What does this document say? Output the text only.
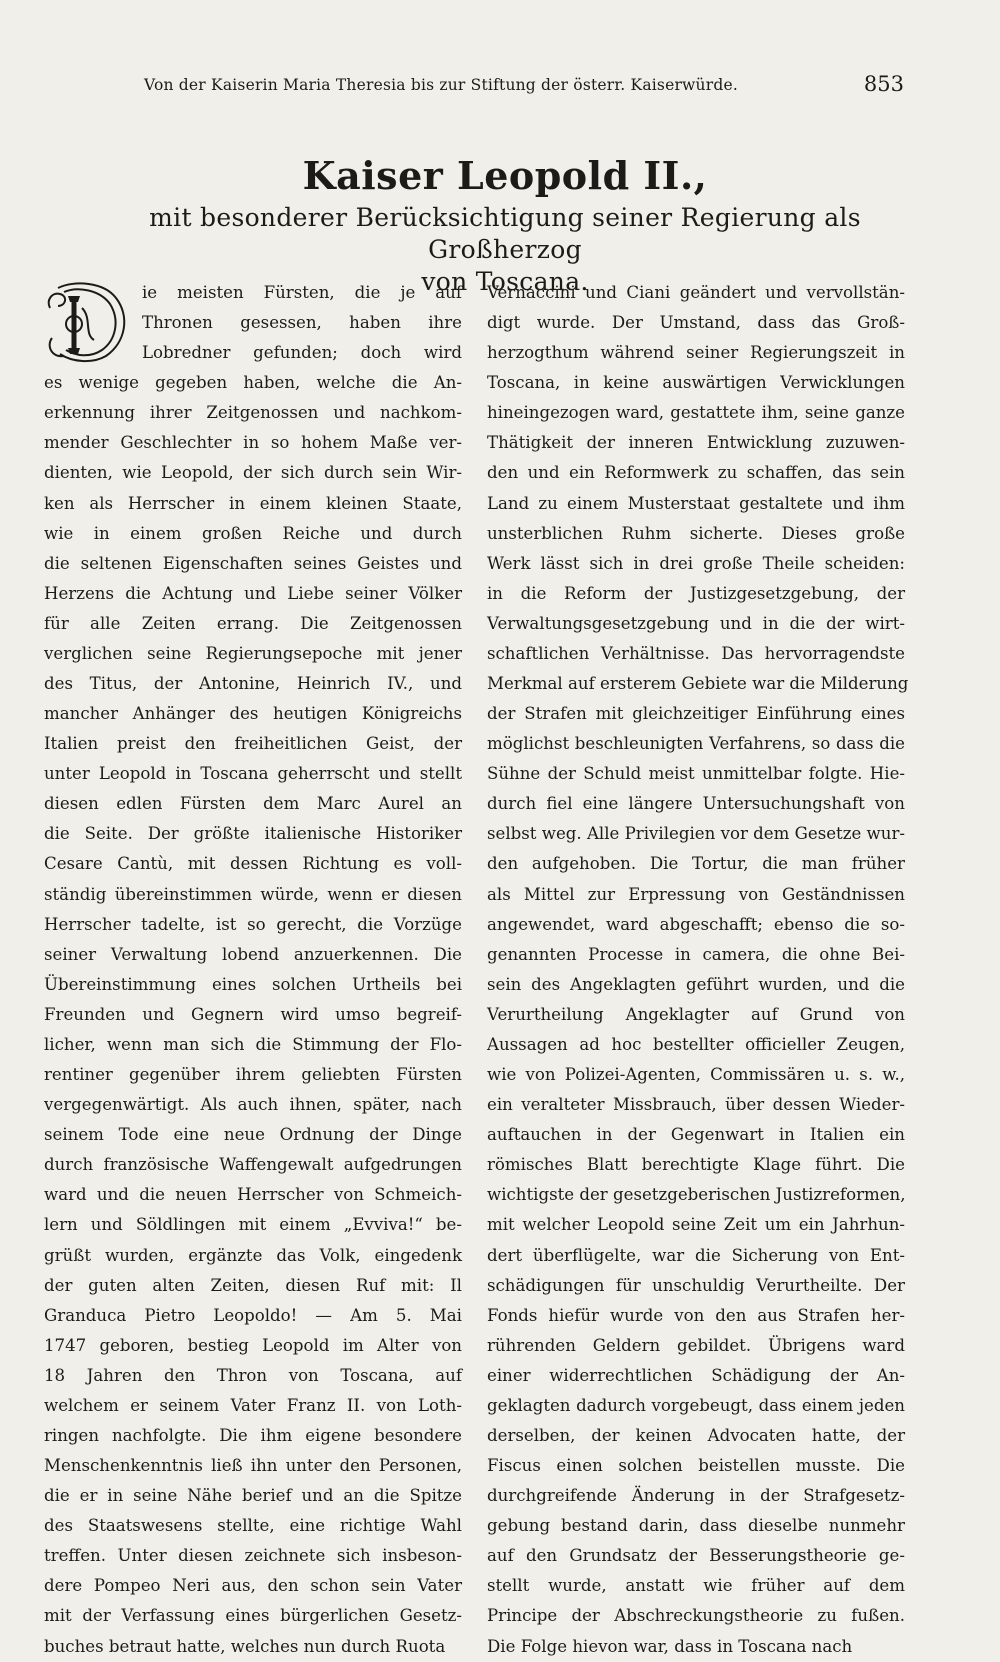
Von der Kaiserin Maria Theresia bis zur Stiftung der österr. Kaiserwürde.	853
Kaiser Leopold II.,

mit besonderer Berücksichtigung seiner Regierung als Großherzog

von Toscana.

ie meisten Fürsten, die je auf
Thronen gesessen, haben ihre
Lobredner gefunden; doch wird
es wenige gegeben haben, welche die An-
erkennung ihrer Zeitgenossen und nachkom-
mender Geschlechter in so hohem Maße ver-
dienten, wie Leopold, der sich durch sein Wir-
ken als Herrscher in einem kleinen Staate,
wie in einem großen Reiche und durch
die seltenen Eigenschaften seines Geistes und
Herzens die Achtung und Liebe seiner Völker
für alle Zeiten errang. Die Zeitgenossen
verglichen seine Regierungsepoche mit jener
des Titus, der Antonine, Heinrich IV., und
mancher Anhänger des heutigen Königreichs
Italien preist den freiheitlichen Geist, der
unter Leopold in Toscana geherrscht und stellt
diesen edlen Fürsten dem Marc Aurel an
die Seite. Der größte italienische Historiker
Cesare Cantù, mit dessen Richtung es voll-
ständig übereinstimmen würde, wenn er diesen
Herrscher tadelte, ist so gerecht, die Vorzüge
seiner Verwaltung lobend anzuerkennen. Die
Übereinstimmung eines solchen Urtheils bei
Freunden und Gegnern wird umso begreif-
licher, wenn man sich die Stimmung der Flo-
rentiner gegenüber ihrem geliebten Fürsten
vergegenwärtigt. Als auch ihnen, später, nach
seinem Tode eine neue Ordnung der Dinge
durch französische Waffengewalt aufgedrungen
ward und die neuen Herrscher von Schmeich-
lern und Söldlingen mit einem „Evviva!“ be-
grüßt wurden, ergänzte das Volk, eingedenk
der guten alten Zeiten, diesen Ruf mit: Il
Granduca Pietro Leopoldo! — Am 5. Mai
1747 geboren, bestieg Leopold im Alter von
18 Jahren den Thron von Toscana, auf
welchem er seinem Vater Franz II. von Loth-
ringen nachfolgte. Die ihm eigene besondere
Menschenkenntnis ließ ihn unter den Personen,
die er in seine Nähe berief und an die Spitze
des Staatswesens stellte, eine richtige Wahl
treffen. Unter diesen zeichnete sich insbeson-
dere Pompeo Neri aus, den schon sein Vater
mit der Verfassung eines bürgerlichen Gesetz-
buches betraut hatte, welches nun durch Ruota
Vernaccini und Ciani geändert und vervollstän-
digt wurde. Der Umstand, dass das Groß-
herzogthum während seiner Regierungszeit in
Toscana, in keine auswärtigen Verwicklungen
hineingezogen ward, gestattete ihm, seine ganze
Thätigkeit der inneren Entwicklung zuzuwen-
den und ein Reformwerk zu schaffen, das sein
Land zu einem Musterstaat gestaltete und ihm
unsterblichen Ruhm sicherte. Dieses große
Werk lässt sich in drei große Theile scheiden:
in die Reform der Justizgesetzgebung, der
Verwaltungsgesetzgebung und in die der wirt-
schaftlichen Verhältnisse. Das hervorragendste
Merkmal auf ersterem Gebiete war die Milderung
der Strafen mit gleichzeitiger Einführung eines
möglichst beschleunigten Verfahrens, so dass die
Sühne der Schuld meist unmittelbar folgte. Hie-
durch fiel eine längere Untersuchungshaft von
selbst weg. Alle Privilegien vor dem Gesetze wur-
den aufgehoben. Die Tortur, die man früher
als Mittel zur Erpressung von Geständnissen
angewendet, ward abgeschafft; ebenso die so-
genannten Processe in camera, die ohne Bei-
sein des Angeklagten geführt wurden, und die
Verurtheilung Angeklagter auf Grund von
Aussagen ad hoc bestellter officieller Zeugen,
wie von Polizei-Agenten, Commissären u. s. w.,
ein veralteter Missbrauch, über dessen Wieder-
auftauchen in der Gegenwart in Italien ein
römisches Blatt berechtigte Klage führt. Die
wichtigste der gesetzgeberischen Justizreformen,
mit welcher Leopold seine Zeit um ein Jahrhun-
dert überflügelte, war die Sicherung von Ent-
schädigungen für unschuldig Verurtheilte. Der
Fonds hiefür wurde von den aus Strafen her-
rührenden Geldern gebildet. Übrigens ward
einer widerrechtlichen Schädigung der An-
geklagten dadurch vorgebeugt, dass einem jeden
derselben, der keinen Advocaten hatte, der
Fiscus einen solchen beistellen musste. Die
durchgreifende Änderung in der Strafgesetz-
gebung bestand darin, dass dieselbe nunmehr
auf den Grundsatz der Besserungstheorie ge-
stellt wurde, anstatt wie früher auf dem
Principe der Abschreckungstheorie zu fußen.
Die Folge hievon war, dass in Toscana nach
